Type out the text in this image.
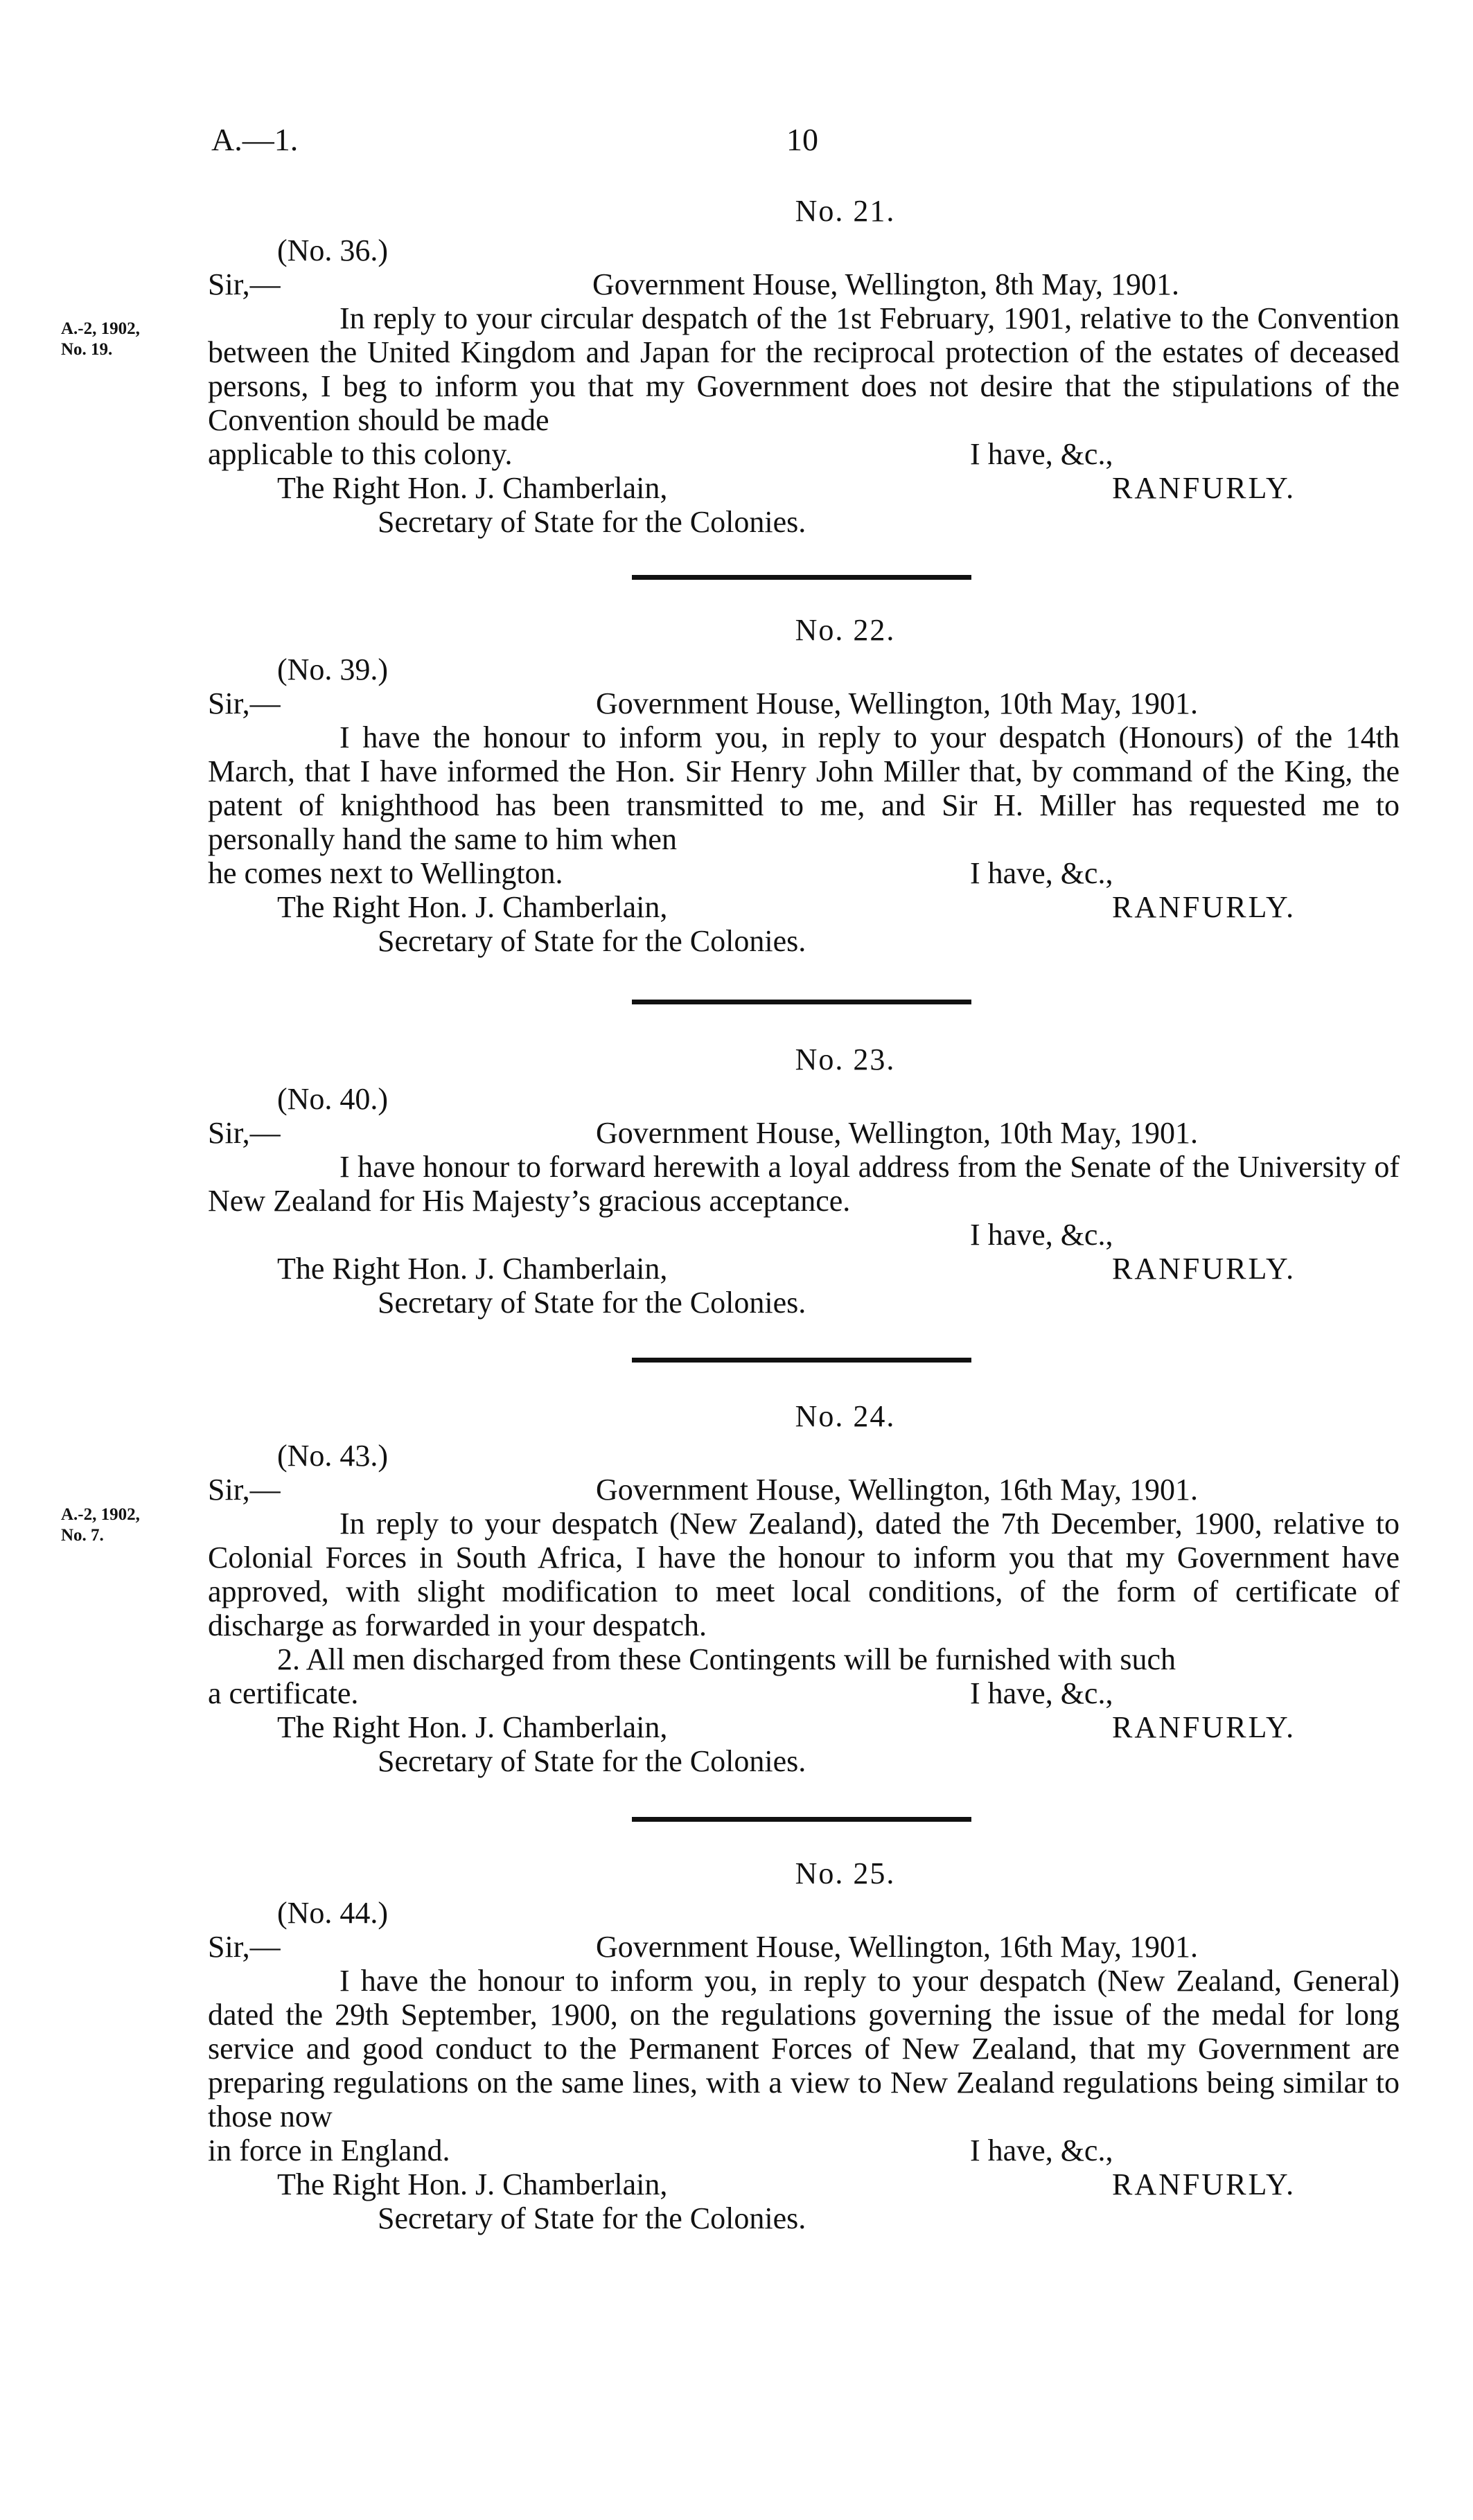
A.—1.	10
No. 21.
(No. 36.)
Sir,—	Government House, Wellington, 8th May, 1901.
In reply to your circular despatch of the 1st February, 1901, relative to the Convention between the United Kingdom and Japan for the reciprocal protection of the estates of deceased persons, I beg to inform you that my Government does not desire that the stipulations of the Convention should be made
applicable to this colony.	I have, &c.,
The Right Hon. J. Chamberlain,	RANFURLY.
Secretary of State for the Colonies.
A.-2, 1902,
No. 19.
No. 22.
(No. 39.)
Sir,—	Government House, Wellington, 10th May, 1901.
I have the honour to inform you, in reply to your despatch (Honours) of the 14th March, that I have informed the Hon. Sir Henry John Miller that, by command of the King, the patent of knighthood has been transmitted to me, and Sir H. Miller has requested me to personally hand the same to him when
he comes next to Wellington.	I have, &c.,
The Right Hon. J. Chamberlain,	RANFURLY.
Secretary of State for the Colonies.
No. 23.
(No. 40.)
Sir,—	Government House, Wellington, 10th May, 1901.
I have honour to forward herewith a loyal address from the Senate of the University of New Zealand for His Majesty’s gracious acceptance.
I have, &c.,
The Right Hon. J. Chamberlain,	RANFURLY.
Secretary of State for the Colonies.
No. 24.
(No. 43.)
Sir,—	Government House, Wellington, 16th May, 1901.
In reply to your despatch (New Zealand), dated the 7th December, 1900, relative to Colonial Forces in South Africa, I have the honour to inform you that my Government have approved, with slight modification to meet local conditions, of the form of certificate of discharge as forwarded in your despatch.
2. All men discharged from these Contingents will be furnished with such
a certificate.	I have, &c.,
The Right Hon. J. Chamberlain,	RANFURLY.
Secretary of State for the Colonies.
A.-2, 1902,
No. 7.
No. 25.
(No. 44.)
Sir,—	Government House, Wellington, 16th May, 1901.
I have the honour to inform you, in reply to your despatch (New Zealand, General) dated the 29th September, 1900, on the regulations governing the issue of the medal for long service and good conduct to the Permanent Forces of New Zealand, that my Government are preparing regulations on the same lines, with a view to New Zealand regulations being similar to those now
in force in England.	I have, &c.,
The Right Hon. J. Chamberlain,	RANFURLY.
Secretary of State for the Colonies.
